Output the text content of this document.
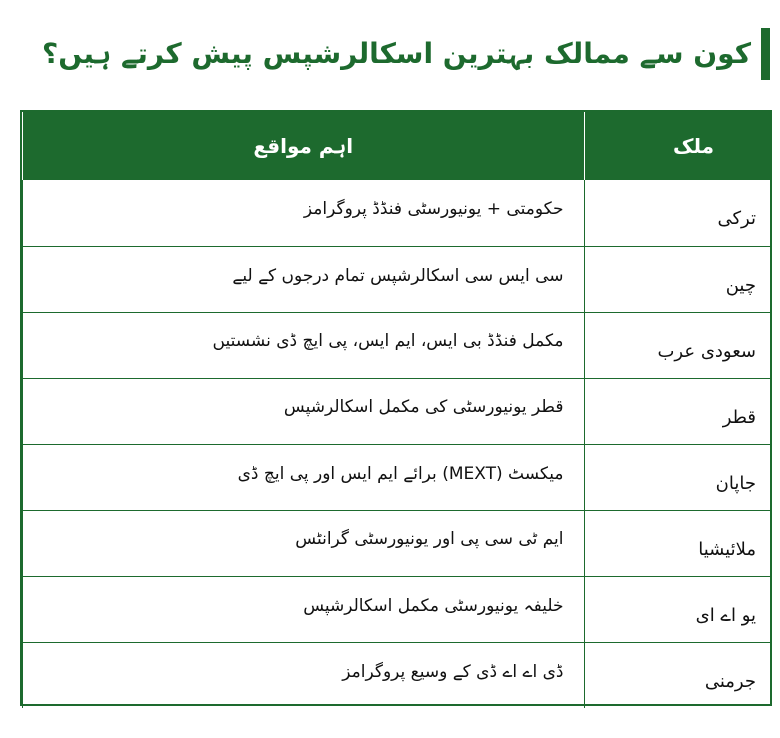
کون سے ممالک بہترین اسکالرشپس پیش کرتے ہیں؟
ملک	اہم مواقع
ترکی	حکومتی + یونیورسٹی فنڈڈ پروگرامز
چین	سی ایس سی اسکالرشپس تمام درجوں کے لیے
سعودی عرب	مکمل فنڈڈ بی ایس، ایم ایس، پی ایچ ڈی نشستیں
قطر	قطر یونیورسٹی کی مکمل اسکالرشپس
جاپان	میکسٹ (MEXT) برائے ایم ایس اور پی ایچ ڈی
ملائیشیا	ایم ٹی سی پی اور یونیورسٹی گرانٹس
یو اے ای	خلیفہ یونیورسٹی مکمل اسکالرشپس
جرمنی	ڈی اے اے ڈی کے وسیع پروگرامز
